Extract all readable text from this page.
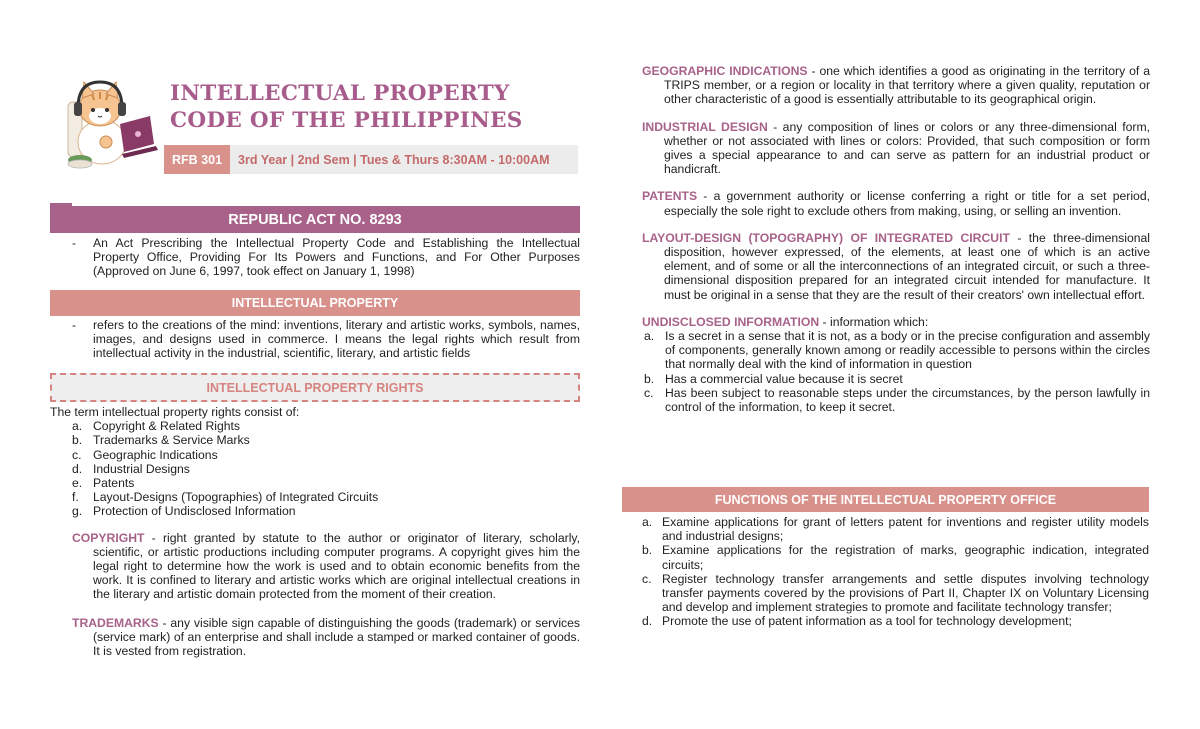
INTELLECTUAL PROPERTY
CODE OF THE PHILIPPINES
RFB 301	3rd Year | 2nd Sem | Tues & Thurs 8:30AM - 10:00AM
REPUBLIC ACT NO. 8293

- An Act Prescribing the Intellectual Property Code and Establishing the Intellectual Property Office, Providing For Its Powers and Functions, and For Other Purposes (Approved on June 6, 1997, took effect on January 1, 1998)

INTELLECTUAL PROPERTY

- refers to the creations of the mind: inventions, literary and artistic works, symbols, names, images, and designs used in commerce. I means the legal rights which result from intellectual activity in the industrial, scientific, literary, and artistic fields

INTELLECTUAL PROPERTY RIGHTS

The term intellectual property rights consist of:

a. Copyright & Related Rights
b. Trademarks & Service Marks
c. Geographic Indications
d. Industrial Designs
e. Patents
f. Layout-Designs (Topographies) of Integrated Circuits
g. Protection of Undisclosed Information

COPYRIGHT - right granted by statute to the author or originator of literary, scholarly, scientific, or artistic productions including computer programs. A copyright gives him the legal right to determine how the work is used and to obtain economic benefits from the work. It is confined to literary and artistic works which are original intellectual creations in the literary and artistic domain protected from the moment of their creation.

TRADEMARKS - any visible sign capable of distinguishing the goods (trademark) or services (service mark) of an enterprise and shall include a stamped or marked container of goods. It is vested from registration.

GEOGRAPHIC INDICATIONS - one which identifies a good as originating in the territory of a TRIPS member, or a region or locality in that territory where a given quality, reputation or other characteristic of a good is essentially attributable to its geographical origin.

INDUSTRIAL DESIGN - any composition of lines or colors or any three-dimensional form, whether or not associated with lines or colors: Provided, that such composition or form gives a special appearance to and can serve as pattern for an industrial product or handicraft.

PATENTS - a government authority or license conferring a right or title for a set period, especially the sole right to exclude others from making, using, or selling an invention.

LAYOUT-DESIGN (TOPOGRAPHY) OF INTEGRATED CIRCUIT - the three-dimensional disposition, however expressed, of the elements, at least one of which is an active element, and of some or all the interconnections of an integrated circuit, or such a three-dimensional disposition prepared for an integrated circuit intended for manufacture. It must be original in a sense that they are the result of their creators' own intellectual effort.

UNDISCLOSED INFORMATION - information which:

a. Is a secret in a sense that it is not, as a body or in the precise configuration and assembly of components, generally known among or readily accessible to persons within the circles that normally deal with the kind of information in question
b. Has a commercial value because it is secret
c. Has been subject to reasonable steps under the circumstances, by the person lawfully in control of the information, to keep it secret.
FUNCTIONS OF THE INTELLECTUAL PROPERTY OFFICE
a. Examine applications for grant of letters patent for inventions and register utility models and industrial designs;
b. Examine applications for the registration of marks, geographic indication, integrated circuits;
c. Register technology transfer arrangements and settle disputes involving technology transfer payments covered by the provisions of Part II, Chapter IX on Voluntary Licensing and develop and implement strategies to promote and facilitate technology transfer;
d. Promote the use of patent information as a tool for technology development;
